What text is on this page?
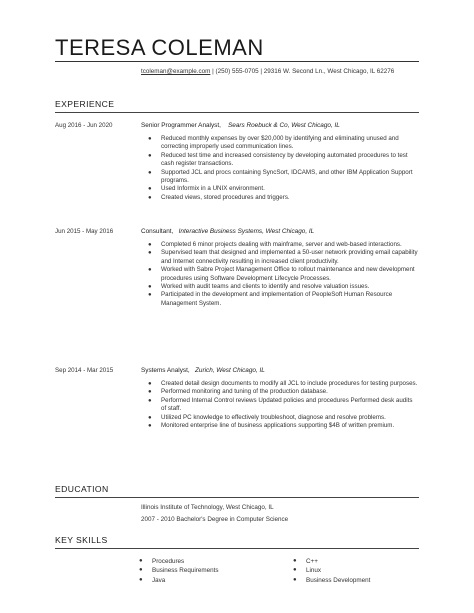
TERESA COLEMAN
tcoleman@example.com | (250) 555-0705 | 29316 W. Second Ln., West Chicago, IL 62276
EXPERIENCE
Aug 2016 - Jun 2020	Senior Programmer Analyst, Sears Roebuck & Co, West Chicago, IL
● Reduced monthly expenses by over $20,000 by identifying and eliminating unused and correcting improperly used communication lines.
● Reduced test time and increased consistency by developing automated procedures to test cash register transactions.
● Supported JCL and procs containing SyncSort, IDCAMS, and other IBM Application Support programs.
● Used Informix in a UNIX environment.
● Created views, stored procedures and triggers.
Jun 2015 - May 2016	Consultant, Interactive Business Systems, West Chicago, IL
● Completed 6 minor projects dealing with mainframe, server and web-based interactions.
● Supervised team that designed and implemented a 50-user network providing email capability and Internet connectivity resulting in increased client productivity.
● Worked with Sabre Project Management Office to rollout maintenance and new development procedures using Software Development Lifecycle Processes.
● Worked with audit teams and clients to identify and resolve valuation issues.
● Participated in the development and implementation of PeopleSoft Human Resource Management System.
Sep 2014 - Mar 2015	Systems Analyst, Zurich, West Chicago, IL
● Created detail design documents to modify all JCL to include procedures for testing purposes.
● Performed monitoring and tuning of the production database.
● Performed Internal Control reviews Updated policies and procedures Performed desk audits of staff.
● Utilized PC knowledge to effectively troubleshoot, diagnose and resolve problems.
● Monitored enterprise line of business applications supporting $4B of written premium.
EDUCATION
Illinois Institute of Technology, West Chicago, IL
2007 - 2010 Bachelor's Degree in Computer Science
KEY SKILLS
● Procedures
● Business Requirements
● Java
● C++
● Linux
● Business Development
